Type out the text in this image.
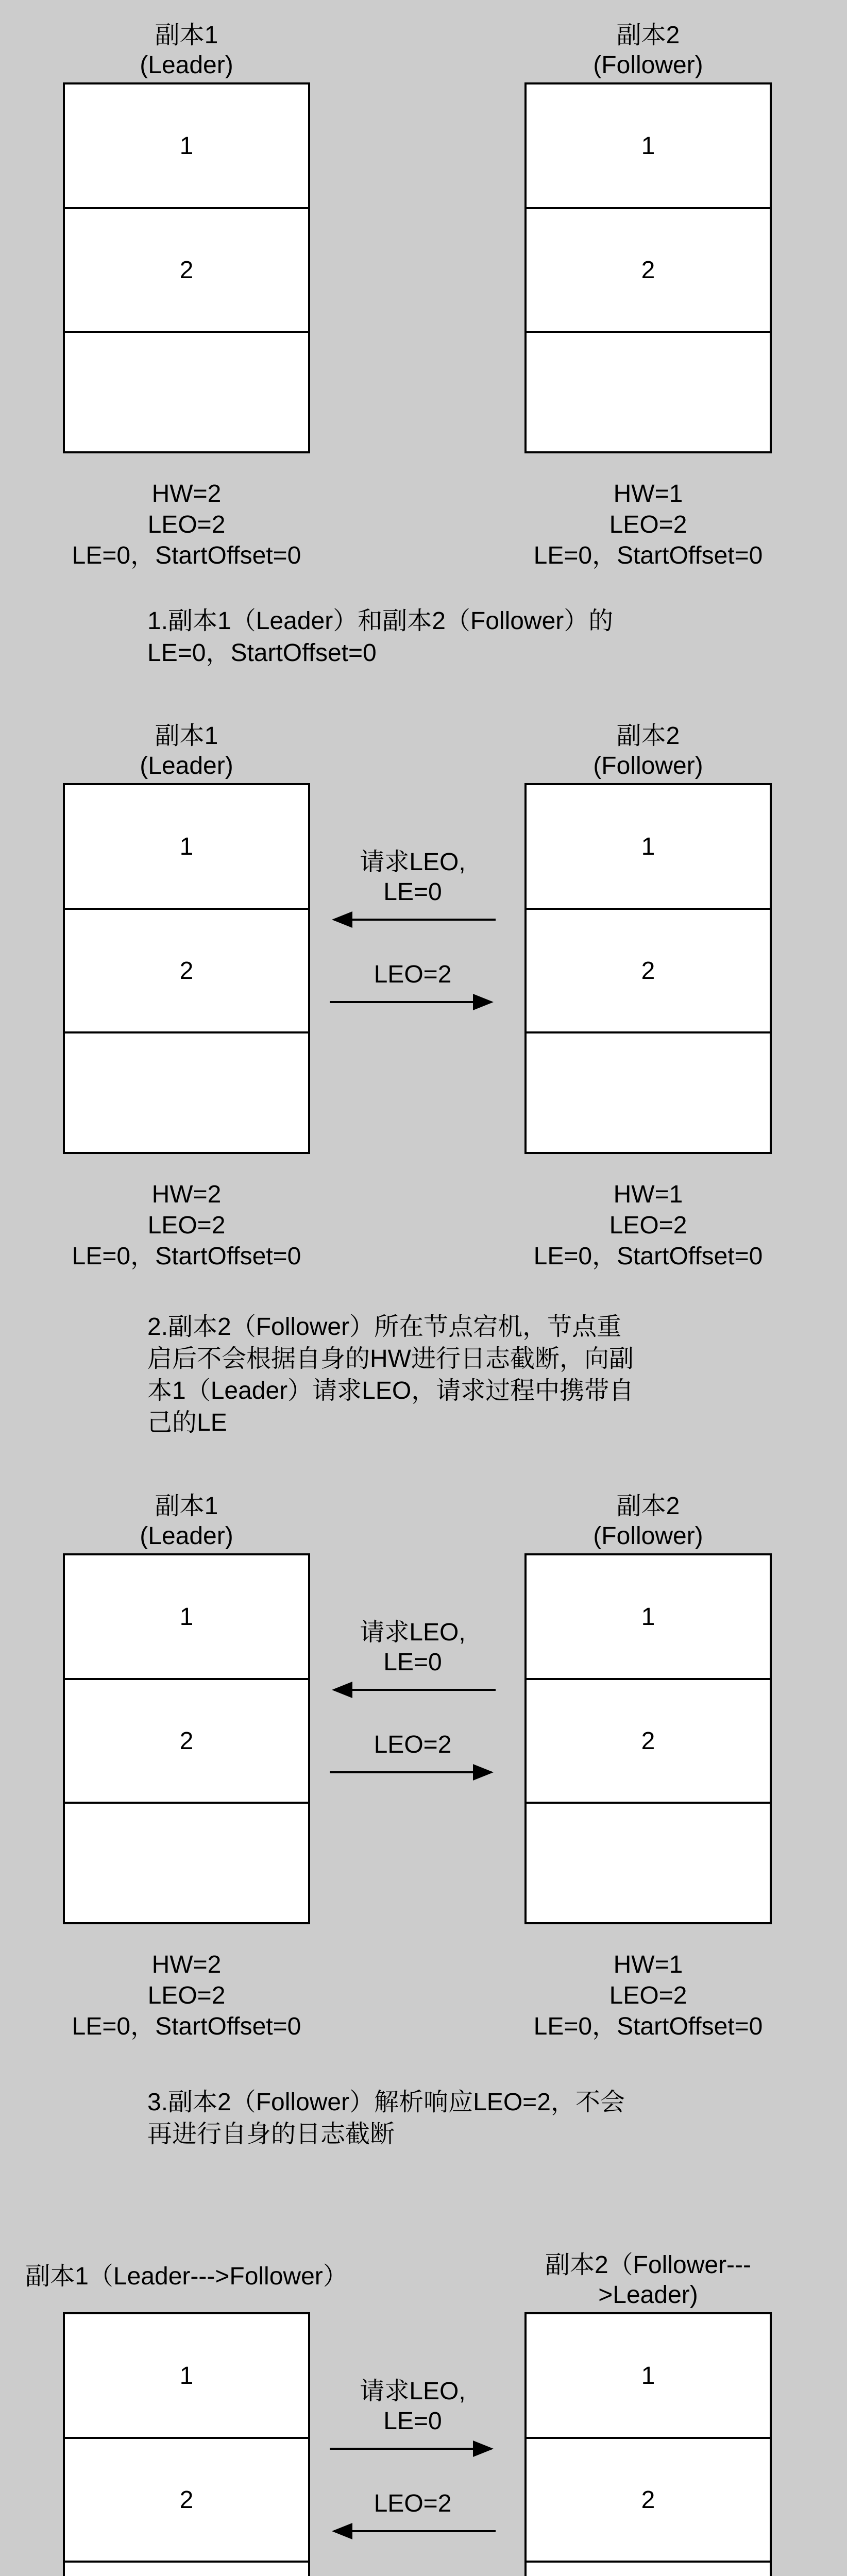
副本1
(Leader)
1
2
HW=2
LEO=2
LE=0，StartOffset=0
副本2
(Follower)
1
2
HW=1
LEO=2
LE=0，StartOffset=0
1.副本1（Leader）和副本2（Follower）的
LE=0，StartOffset=0
副本1
(Leader)
1
2
HW=2
LEO=2
LE=0，StartOffset=0
副本2
(Follower)
1
2
HW=1
LEO=2
LE=0，StartOffset=0
请求LEO,
LE=0
LEO=2
2.副本2（Follower）所在节点宕机，节点重
启后不会根据自身的HW进行日志截断，向副
本1（Leader）请求LEO，请求过程中携带自
己的LE
副本1
(Leader)
1
2
HW=2
LEO=2
LE=0，StartOffset=0
副本2
(Follower)
1
2
HW=1
LEO=2
LE=0，StartOffset=0
请求LEO,
LE=0
LEO=2
3.副本2（Follower）解析响应LEO=2，不会
再进行自身的日志截断
副本1（Leader--->Follower）
1
2
副本2（Follower---
>Leader)
1
2
请求LEO,
LE=0
LEO=2
